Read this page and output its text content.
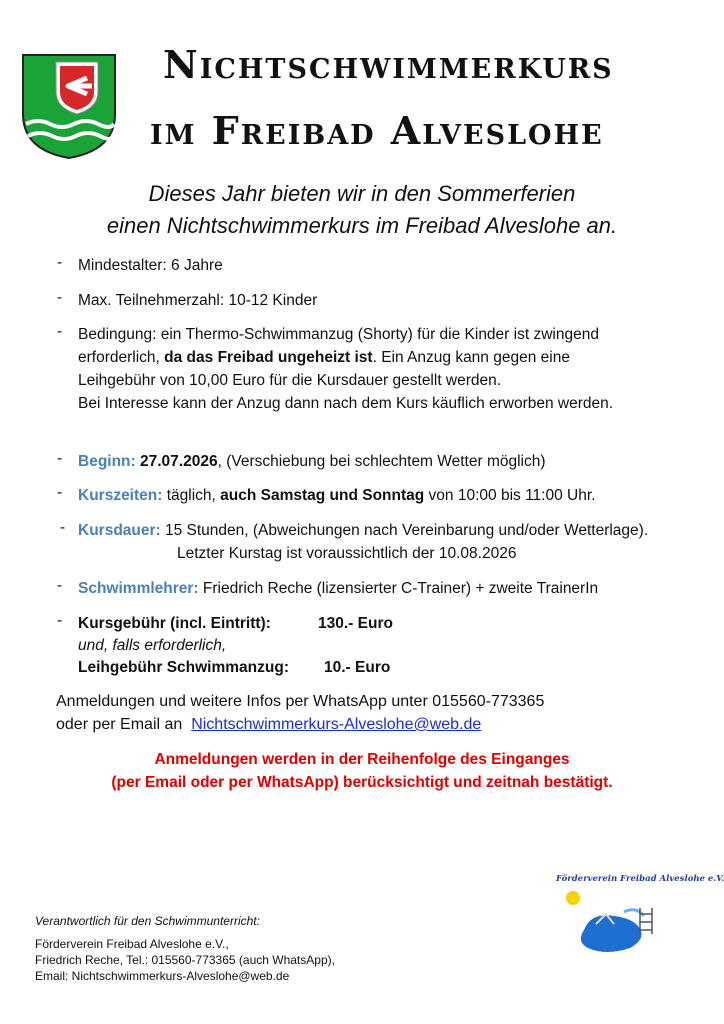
Nichtschwimmerkurs
im Freibad Alveslohe
Dieses Jahr bieten wir in den Sommerferien
einen Nichtschwimmerkurs im Freibad Alveslohe an.
- Mindestalter: 6 Jahre
- Max. Teilnehmerzahl: 10-12 Kinder
- Bedingung: ein Thermo-Schwimmanzug (Shorty) für die Kinder ist zwingend
erforderlich, da das Freibad ungeheizt ist. Ein Anzug kann gegen eine
Leihgebühr von 10,00 Euro für die Kursdauer gestellt werden.
Bei Interesse kann der Anzug dann nach dem Kurs käuflich erworben werden.
- Beginn: 27.07.2026, (Verschiebung bei schlechtem Wetter möglich)
- Kurszeiten: täglich, auch Samstag und Sonntag von 10:00 bis 11:00 Uhr.
- Kursdauer: 15 Stunden, (Abweichungen nach Vereinbarung und/oder Wetterlage).
Letzter Kurstag ist voraussichtlich der 10.08.2026
- Schwimmlehrer: Friedrich Reche (lizensierter C-Trainer) + zweite TrainerIn
- Kursgebühr (incl. Eintritt):	130.- Euro
und, falls erforderlich,
Leihgebühr Schwimmanzug: 10.- Euro
Anmeldungen und weitere Infos per WhatsApp unter 015560-773365
oder per Email an  Nichtschwimmerkurs-Alveslohe@web.de
Anmeldungen werden in der Reihenfolge des Einganges
(per Email oder per WhatsApp) berücksichtigt und zeitnah bestätigt.
Verantwortlich für den Schwimmunterricht:
Förderverein Freibad Alveslohe e.V.,
Friedrich Reche, Tel.: 015560-773365 (auch WhatsApp),
Email: Nichtschwimmerkurs-Alveslohe@web.de
Förderverein Freibad Alveslohe e.V.
